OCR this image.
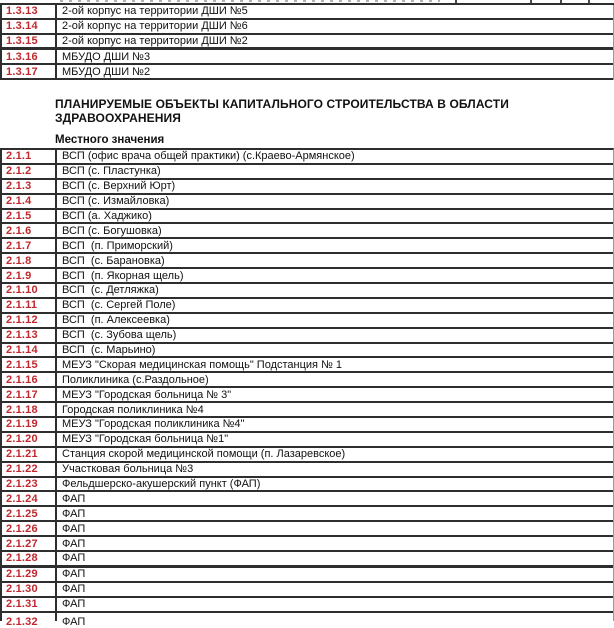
1.3.13	2-ой корпус на территории ДШИ №5
1.3.14	2-ой корпус на территории ДШИ №6
1.3.15	2-ой корпус на территории ДШИ №2
1.3.16	МБУДО ДШИ №3
1.3.17	МБУДО ДШИ №2
ПЛАНИРУЕМЫЕ ОБЪЕКТЫ КАПИТАЛЬНОГО СТРОИТЕЛЬСТВА В ОБЛАСТИ ЗДРАВООХРАНЕНИЯ
Местного значения
2.1.1	ВСП (офис врача общей практики) (с.Краево-Армянское)
2.1.2	ВСП (с. Пластунка)
2.1.3	ВСП (с. Верхний Юрт)
2.1.4	ВСП (с. Измайловка)
2.1.5	ВСП (а. Хаджико)
2.1.6	ВСП (с. Богушовка)
2.1.7	ВСП  (п. Приморский)
2.1.8	ВСП  (с. Барановка)
2.1.9	ВСП  (п. Якорная щель)
2.1.10	ВСП  (с. Детляжка)
2.1.11	ВСП  (с. Сергей Поле)
2.1.12	ВСП  (п. Алексеевка)
2.1.13	ВСП  (с. Зубова щель)
2.1.14	ВСП  (с. Марьино)
2.1.15	МЕУЗ "Скорая медицинская помощь" Подстанция № 1
2.1.16	Поликлиника (с.Раздольное)
2.1.17	МЕУЗ "Городская больница № 3"
2.1.18	Городская поликлиника №4
2.1.19	МЕУЗ "Городская поликлиника №4"
2.1.20	МЕУЗ "Городская больница №1"
2.1.21	Станция скорой медицинской помощи (п. Лазаревское)
2.1.22	Участковая больница №3
2.1.23	Фельдшерско-акушерский пункт (ФАП)
2.1.24	ФАП
2.1.25	ФАП
2.1.26	ФАП
2.1.27	ФАП
2.1.28	ФАП
2.1.29	ФАП
2.1.30	ФАП
2.1.31	ФАП
2.1.32	ФАП
